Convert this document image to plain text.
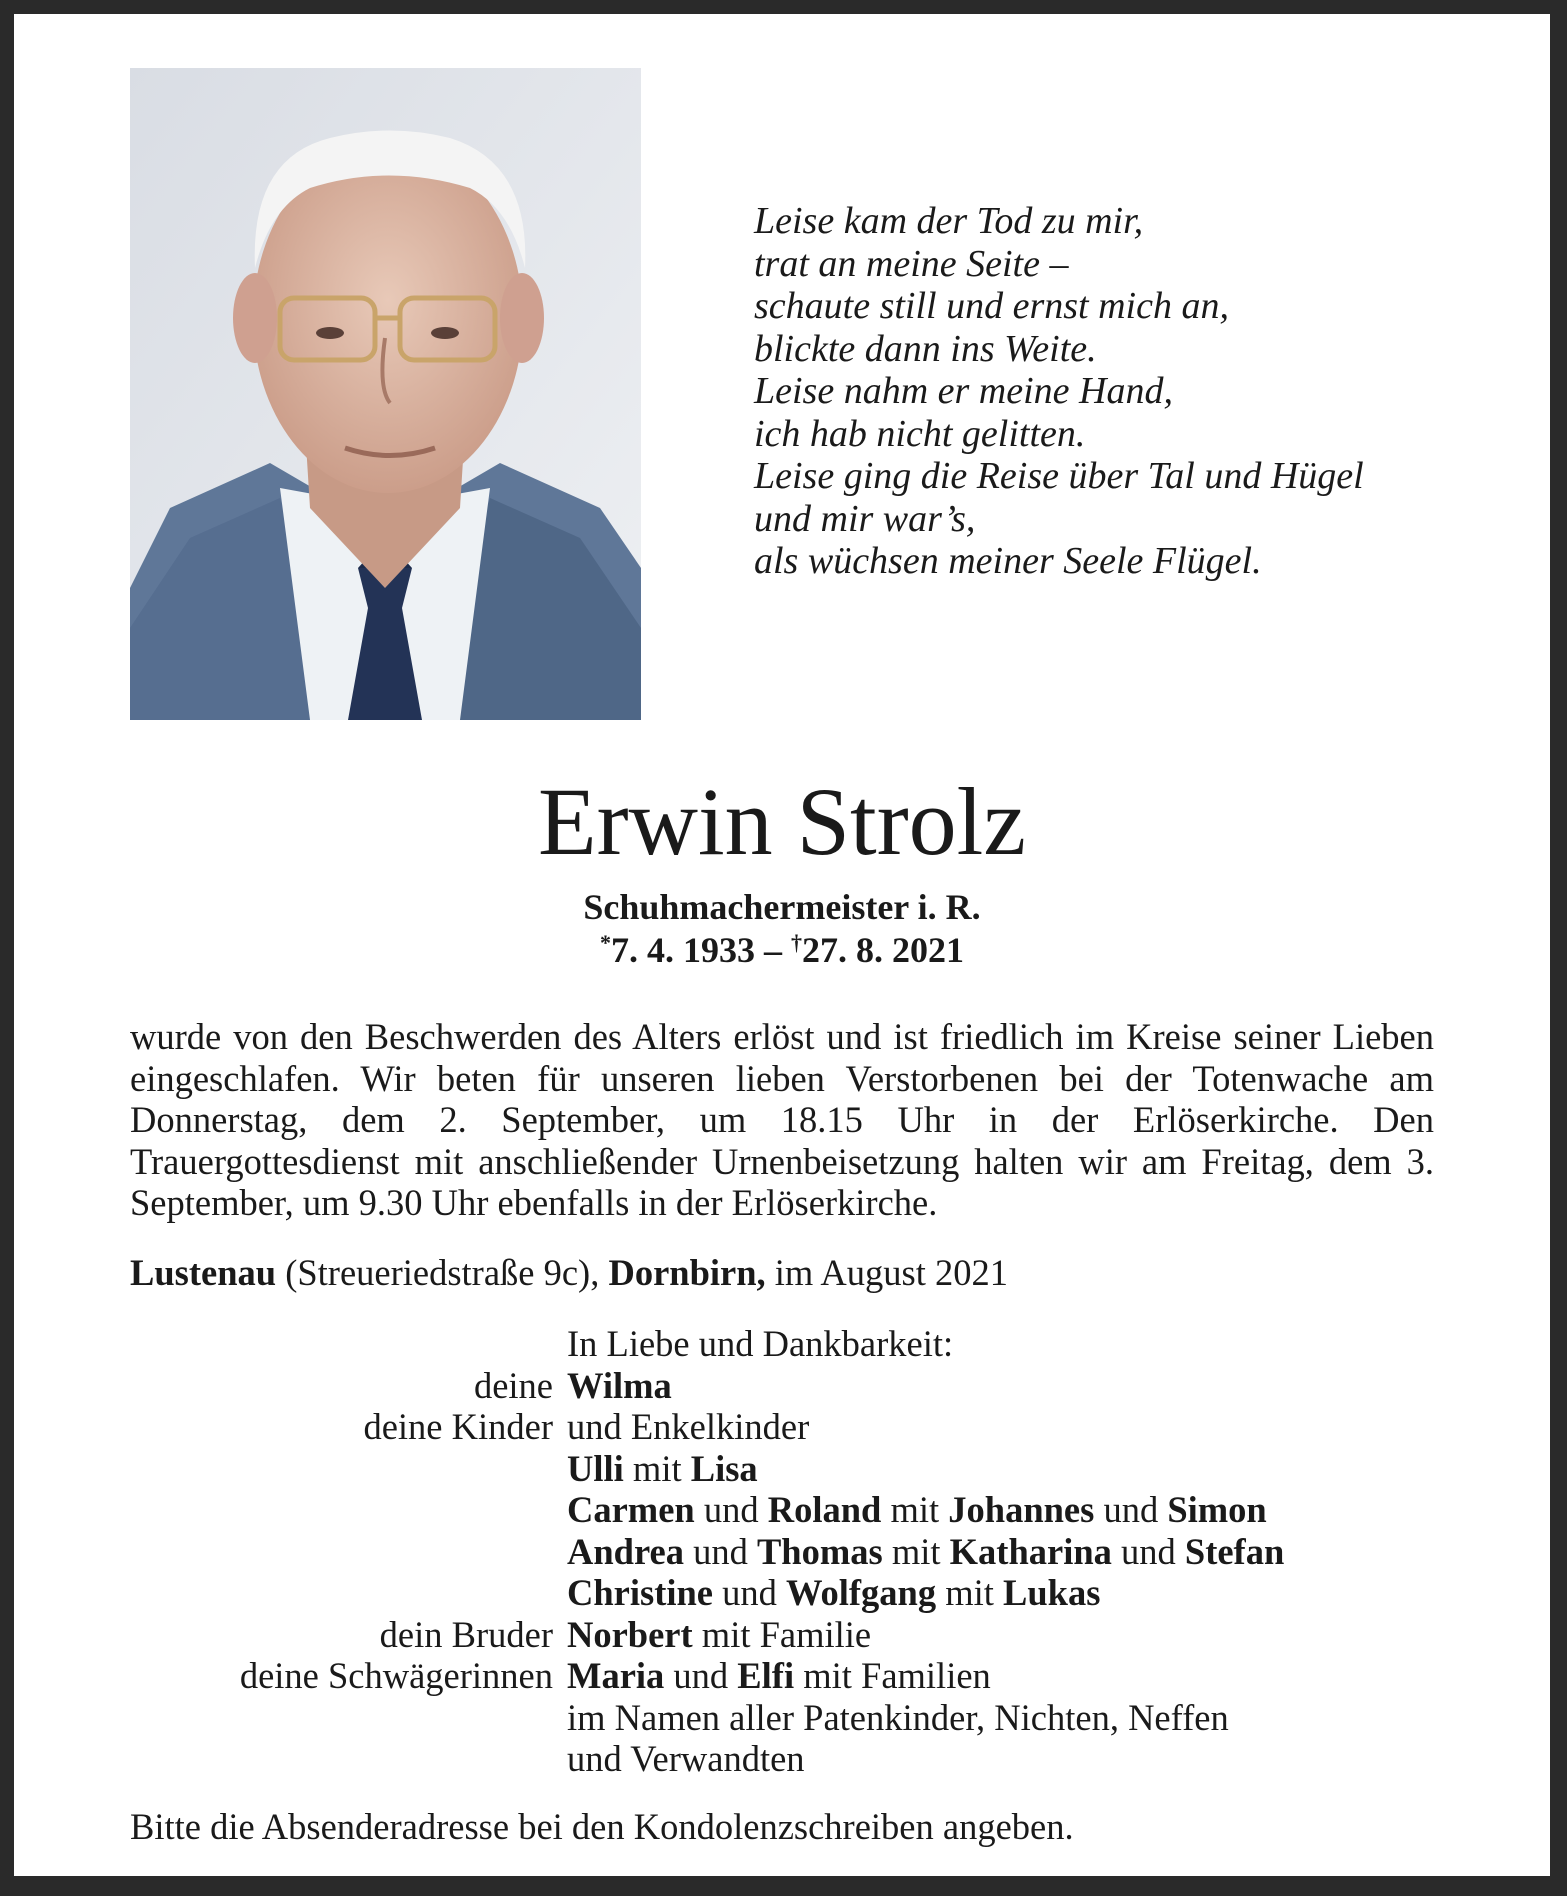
Leise kam der Tod zu mir,
trat an meine Seite –
schaute still und ernst mich an,
blickte dann ins Weite.
Leise nahm er meine Hand,
ich hab nicht gelitten.
Leise ging die Reise über Tal und Hügel
und mir war’s,
als wüchsen meiner Seele Flügel.
Erwin Strolz
Schuhmachermeister i. R.
*7. 4. 1933 – †27. 8. 2021
wurde von den Beschwerden des Alters erlöst und ist friedlich im Kreise seiner Lieben eingeschlafen. Wir beten für unseren lieben Verstorbenen bei der Totenwache am Donnerstag, dem 2. September, um 18.15 Uhr in der Erlöserkirche. Den Trauergottesdienst mit anschließender Urnenbeisetzung halten wir am Freitag, dem 3. September, um 9.30 Uhr ebenfalls in der Erlöserkirche.
Lustenau (Streueriedstraße 9c), Dornbirn, im August 2021
In Liebe und Dankbarkeit:
deine Wilma
deine Kinder und Enkelkinder
Ulli mit Lisa
Carmen und Roland mit Johannes und Simon
Andrea und Thomas mit Katharina und Stefan
Christine und Wolfgang mit Lukas
dein Bruder Norbert mit Familie
deine Schwägerinnen Maria und Elfi mit Familien
im Namen aller Patenkinder, Nichten, Neffen
und Verwandten
Bitte die Absenderadresse bei den Kondolenzschreiben angeben.
